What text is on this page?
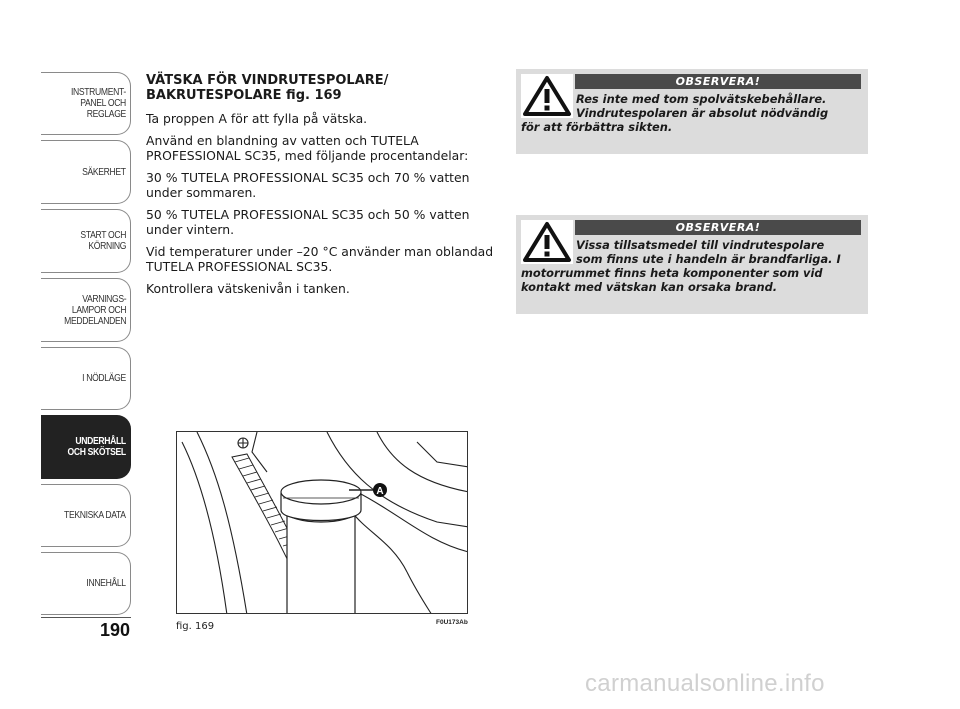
INSTRUMENT-
PANEL OCH
REGLAGE
SÄKERHET
START OCH
KÖRNING
VARNINGS-
LAMPOR OCH
MEDDELANDEN
I NÖDLÄGE
UNDERHÅLL
OCH SKÖTSEL
TEKNISKA DATA
INNEHÅLL
190
VÄTSKA FÖR VINDRUTESPOLARE/ BAKRUTESPOLARE fig. 169

Ta proppen A för att fylla på vätska.

Använd en blandning av vatten och TUTELA PROFESSIONAL SC35, med följande procentandelar:

30 % TUTELA PROFESSIONAL SC35 och 70 % vatten under sommaren.

50 % TUTELA PROFESSIONAL SC35 och 50 % vatten under vintern.

Vid temperaturer under –20 °C använder man oblandad TUTELA PROFESSIONAL SC35.

Kontrollera vätskenivån i tanken.

OBSERVERA!
Res inte med tom spolvätskebehållare.
Vindrutespolaren är absolut nödvändig
för att förbättra sikten.
OBSERVERA!
Vissa tillsatsmedel till vindrutespolare
som finns ute i handeln är brandfarliga. I
motorrummet finns heta komponenter som vid
kontakt med vätskan kan orsaka brand.
A
fig. 169	F0U173Ab
carmanualsonline.info
